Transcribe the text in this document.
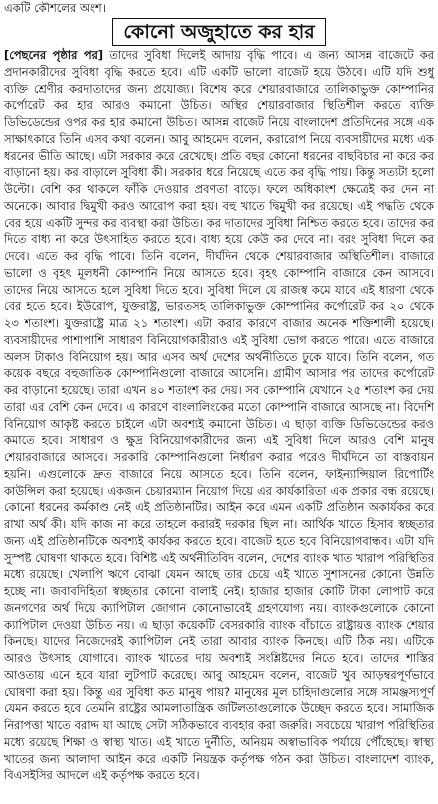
একটি কৌশলের অংশ।

কোনো অজুহাতে কর হার

[পেছনের পৃষ্ঠার পর] তাদের সুবিধা দিলেই আদায় বৃদ্ধি পাবে। এ জন্য আসন্ন বাজেটে কর প্রদানকারীদের সুবিধা বৃদ্ধি করতে হবে। এটি একটি ভালো বাজেট হয়ে উঠবে। এটি যদি শুধু ব্যক্তি শ্রেণীর করদাতাদের জন্য প্রযোজ্য। বিশেষ করে শেয়ারবাজারে তালিকাভুক্ত কোম্পানির কর্পোরেট কর হার আরও কমানো উচিত। অস্থির শেয়ারবাজার স্থিতিশীল করতে ব্যক্তি ডিভিডেন্ডের ওপর কর হার কমানো উচিত। আসন্ন বাজেট নিয়ে বাংলাদেশ প্রতিদিনের সঙ্গে এক সাক্ষাৎকারে তিনি এসব কথা বলেন। আবু আহমেদ বলেন, করারোপ নিয়ে ব্যবসায়ীদের মধ্যে এক ধরনের ভীতি আছে। এটা সরকার করে রেখেছে। প্রতি বছর কোনো ধরনের বাছবিচার না করে কর বাড়ানো হয়। কর বাড়ালে সুবিধা কী। সরকার ধরে নিয়েছে এতে কর বৃদ্ধি পায়। কিন্তু সত্যটা হলো উল্টো। বেশি কর থাকলে ফাঁকি দেওয়ার প্রবণতা বাড়ে। ফলে অধিকাংশ ক্ষেত্রেই কর দেন না অনেকে। আবার দ্বিমুখী করও আরোপ করা হয়। বহু খাতে দ্বিমুখী কর রয়েছে। এই পদ্ধতি থেকে বের হয়ে একটি সুন্দর কর ব্যবস্থা করা উচিত। কর দাতাদের সুবিধা নিশ্চিত করতে হবে। তাদের কর দিতে বাধ্য না করে উৎসাহিত করতে হবে। বাধ্য হয়ে কেউ কর দেবে না। বরং সুবিধা দিলে কর দেবে। এতে কর বৃদ্ধি পাবে। তিনি বলেন, দীর্ঘদিন থেকে শেয়ারবাজার অস্থিতিশীল। বাজারে ভালো ও বৃহৎ মূলধনী কোম্পানি নিয়ে আসতে হবে। বৃহৎ কোম্পানি বাজারে কেন আসবে। তাদের নিয়ে আসতে হলে সুবিধা দিতে হবে। সুবিধা দিলে যে রাজস্ব কমে যাবে এই ধারণা থেকে বের হতে হবে। ইউরোপ, যুক্তরাষ্ট্র, ভারতসহ তালিকাভুক্ত কোম্পানির কর্পোরেট কর ২০ থেকে ২৩ শতাংশ। যুক্তরাষ্ট্রে মাত্র ২১ শতাংশ। এটা করার কারণে বাজার অনেক শক্তিশালী হয়েছে। ব্যবসায়ীদের পাশাপাশি সাধারণ বিনিয়োগকারীরাও এই সুবিধা ভোগ করতে পারে। এতে বাজারে অলস টাকাও বিনিয়োগ হয়। আর এসব অর্থ দেশের অর্থনীতিতে ঢুকে যাবে। তিনি বলেন, গত কয়েক বছরে বহুজাতিক কোম্পানিগুলো বাজারে আসেনি। গ্রামীণ আসার পর তাদের কর্পোরেট কর বাড়ানো হয়েছে। তারা এখন ৪০ শতাংশ কর দেয়। সব কোম্পানি যেখানে ২৫ শতাংশ কর দেয় তারা এর বেশি কেন দেবে। এ কারণে বাংলালিংকের মতো কোম্পানি বাজারে আসছে না। বিদেশি বিনিয়োগ আকৃষ্ট করতে চাইলে এটা অবশ্যই কমানো উচিত। এ ছাড়া ব্যক্তি ডিভিডেন্ডের করও কমাতে হবে। সাধারণ ও ক্ষুদ্র বিনিয়োগকারীদের জন্য এই সুবিধা দিলে আরও বেশি মানুষ শেয়ারবাজারে আসবে। সরকারি কোম্পানিগুলো নির্ধারণ করার পরেও দীর্ঘদিনে তা বাস্তবায়ন হয়নি। এগুলোকে দ্রুত বাজারে নিয়ে আসতে হবে। তিনি বলেন, ফাইন্যান্সিয়াল রিপোর্টিং কাউন্সিল করা হয়েছে। একজন চেয়ারম্যান নিয়োগ দিয়ে এর কার্যকারিতা এক প্রকার বন্ধ রয়েছে। কোনো ধরনের কর্মকাণ্ড নেই এই প্রতিষ্ঠানটির। আইন করে এমন একটি প্রতিষ্ঠান অকার্যকর করে রাখা অর্থ কী। যদি কাজ না করে তাহলে করারই দরকার ছিল না। আর্থিক খাতে হিসাব স্বচ্ছতার জন্য এই প্রতিষ্ঠানটিকে অবশ্যই কার্যকর করতে হবে। বাজেট হতে হবে বিনিয়োগবান্ধব। এটা যদি সুস্পষ্ট ঘোষণা থাকতে হবে। বিশিষ্ট এই অর্থনীতিবিদ বলেন, দেশের ব্যাংক খাত খারাপ পরিস্থিতির মধ্যে রয়েছে। খেলাপি ঋণে বোঝা যেমন আছে তার চেয়ে এই খাতে সুশাসনের কোনো উন্নতি হচ্ছে না। জবাবদিহিতা স্বচ্ছতার কোনো বালাই নেই। হাজার হাজার কোটি টাকা লোপাট করে জনগণের অর্থ দিয়ে ক্যাপিটাল জোগান কোনোভাবেই গ্রহণযোগ্য নয়। ব্যাংকগুলোকে কোনো ক্যাপিটাল দেওয়া উচিত নয়। এ ছাড়া কয়েকটি বেসরকারি ব্যাংক বাঁচাতে রাষ্ট্রায়ত্ত ব্যাংক শেয়ার কিনছে। যাদের নিজেদেরই ক্যাপিটাল নেই তারা আবার ব্যাংক কিনছে। এটি ঠিক নয়। এটিকে আরও উৎসাহ যোগাবে। ব্যাংক খাতের দায় অবশ্যই সংশ্লিষ্টদের নিতে হবে। তাদের শাস্তির আওতায় এনে হবে যারা লুটপাট করেছে। আবু আহমেদ বলেন, বাজেট খুব আড়ম্বরপূর্ণভাবে ঘোষণা করা হয়। কিন্তু এর সুবিধা কত মানুষ পায়? মানুষের মূল চাহিদাগুলোর সঙ্গে সামঞ্জস্যপূর্ণ যেমন করতে হবে তেমনি রাষ্ট্রের আমলাতান্ত্রিক জটিলতাগুলোকে উচ্ছেদ করতে হবে। সামাজিক নিরাপত্তা খাতে বরাদ্দ যা আছে সেটা সঠিকভাবে ব্যবহার করা জরুরি। সবচেয়ে খারাপ পরিস্থিতির মধ্যে রয়েছে শিক্ষা ও স্বাস্থ্য খাত। এই খাতে দুর্নীতি, অনিয়ম অস্বাভাবিক পর্যায়ে পৌঁছেছে। স্বাস্থ্য খাতের জন্য আলাদা আইন করে একটি নিয়ন্ত্রক কর্তৃপক্ষ গঠন করা উচিত। বাংলাদেশ ব্যাংক, বিএসইসির আদলে এই কর্তৃপক্ষ করতে হবে।
